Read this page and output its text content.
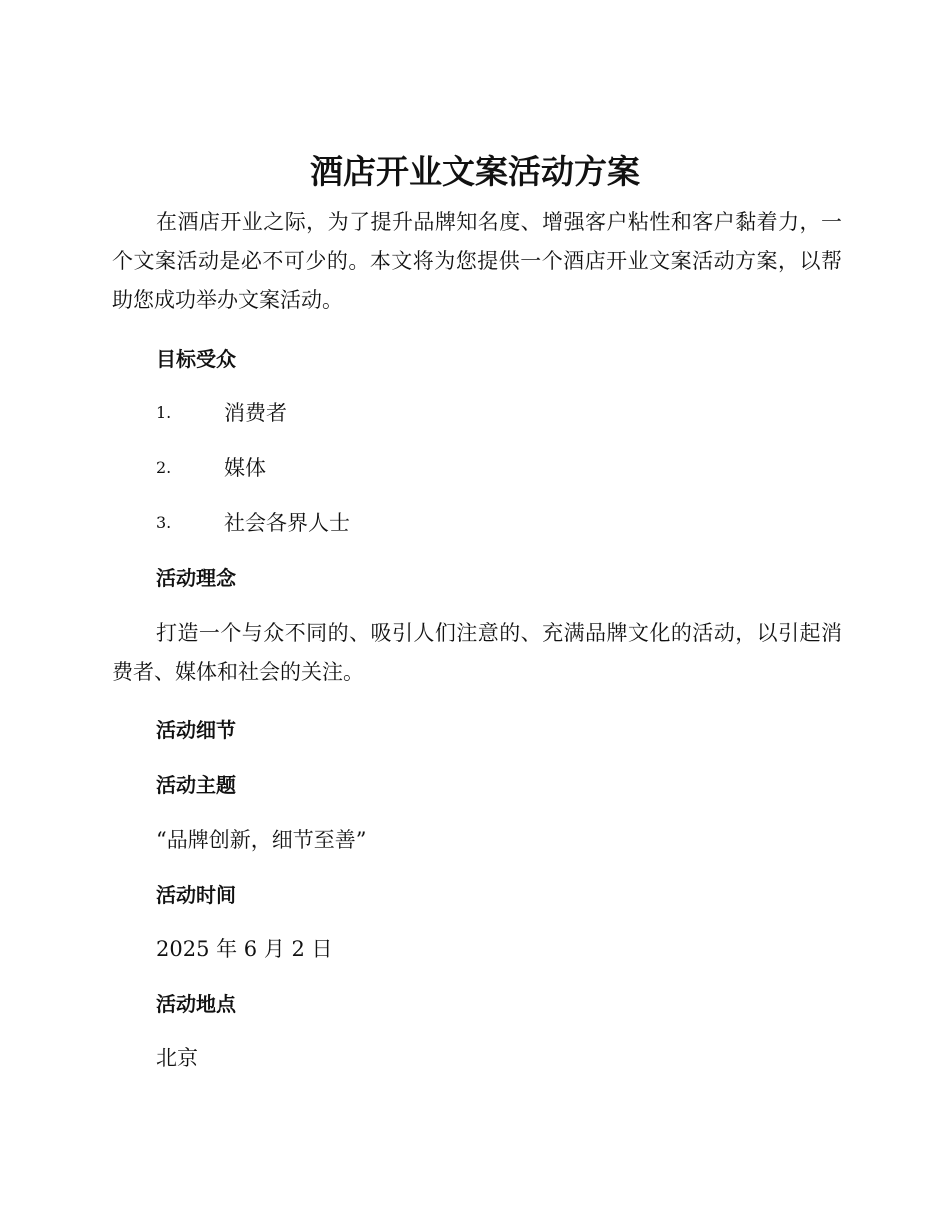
酒店开业文案活动方案
在酒店开业之际，为了提升品牌知名度、增强客户粘性和客户黏着力，一个文案活动是必不可少的。本文将为您提供一个酒店开业文案活动方案，以帮助您成功举办文案活动。
目标受众
1.	消费者
2.	媒体
3.	社会各界人士
活动理念
打造一个与众不同的、吸引人们注意的、充满品牌文化的活动，以引起消费者、媒体和社会的关注。
活动细节
活动主题
“品牌创新，细节至善”
活动时间
2025 年 6 月 2 日
活动地点
北京
